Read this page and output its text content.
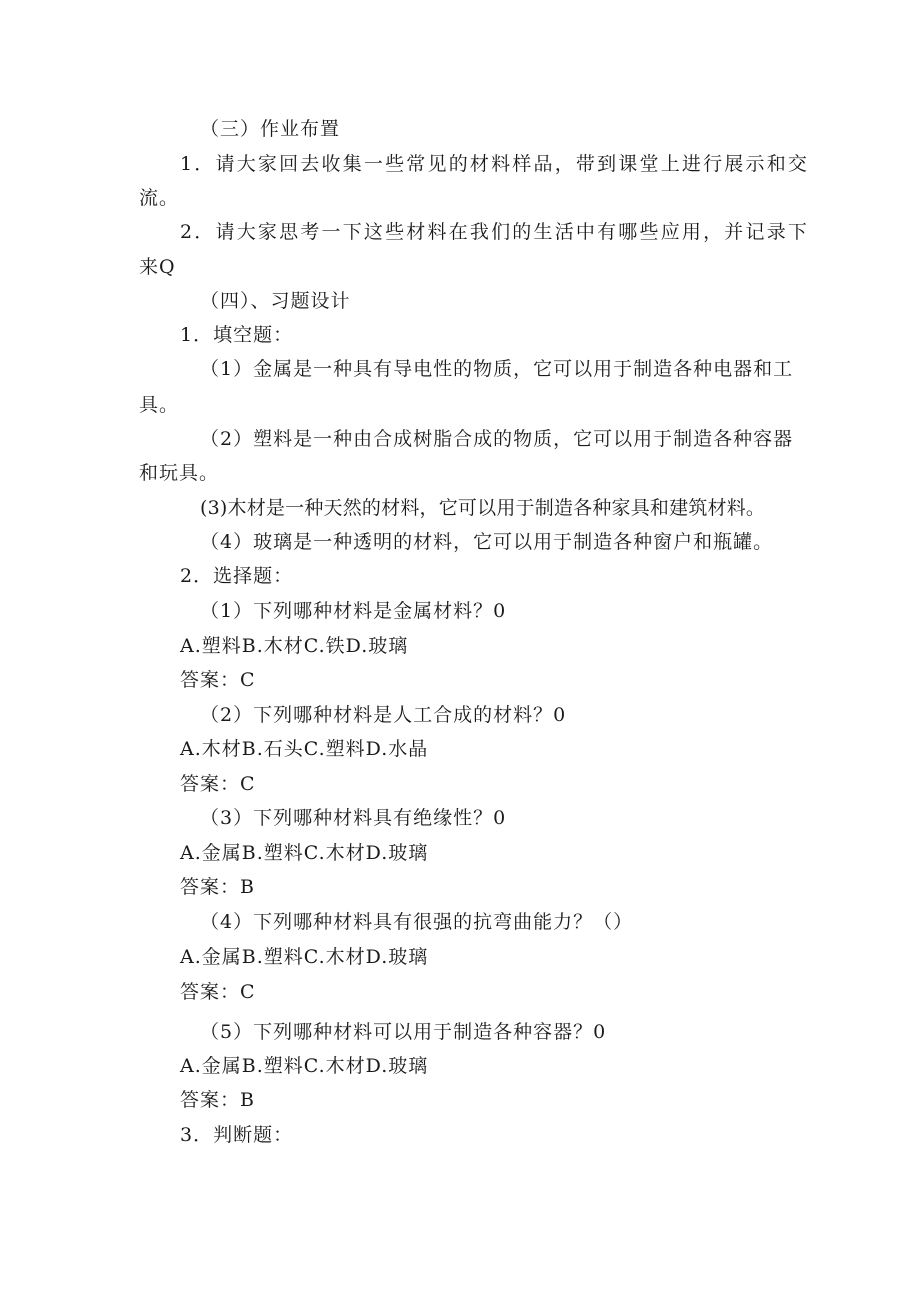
（三）作业布置
1．请大家回去收集一些常见的材料样品，带到课堂上进行展示和交
流。
2．请大家思考一下这些材料在我们的生活中有哪些应用，并记录下
来Q
（四）、习题设计
1．填空题：
（1）金属是一种具有导电性的物质，它可以用于制造各种电器和工
具。
（2）塑料是一种由合成树脂合成的物质，它可以用于制造各种容器
和玩具。
(3)木材是一种天然的材料，它可以用于制造各种家具和建筑材料。
（4）玻璃是一种透明的材料，它可以用于制造各种窗户和瓶罐。
2．选择题：
（1）下列哪种材料是金属材料？0
A.塑料B.木材C.铁D.玻璃
答案：C
（2）下列哪种材料是人工合成的材料？0
A.木材B.石头C.塑料D.水晶
答案：C
（3）下列哪种材料具有绝缘性？0
A.金属B.塑料C.木材D.玻璃
答案：B
（4）下列哪种材料具有很强的抗弯曲能力？（）
A.金属B.塑料C.木材D.玻璃
答案：C
（5）下列哪种材料可以用于制造各种容器？0
A.金属B.塑料C.木材D.玻璃
答案：B
3．判断题：
